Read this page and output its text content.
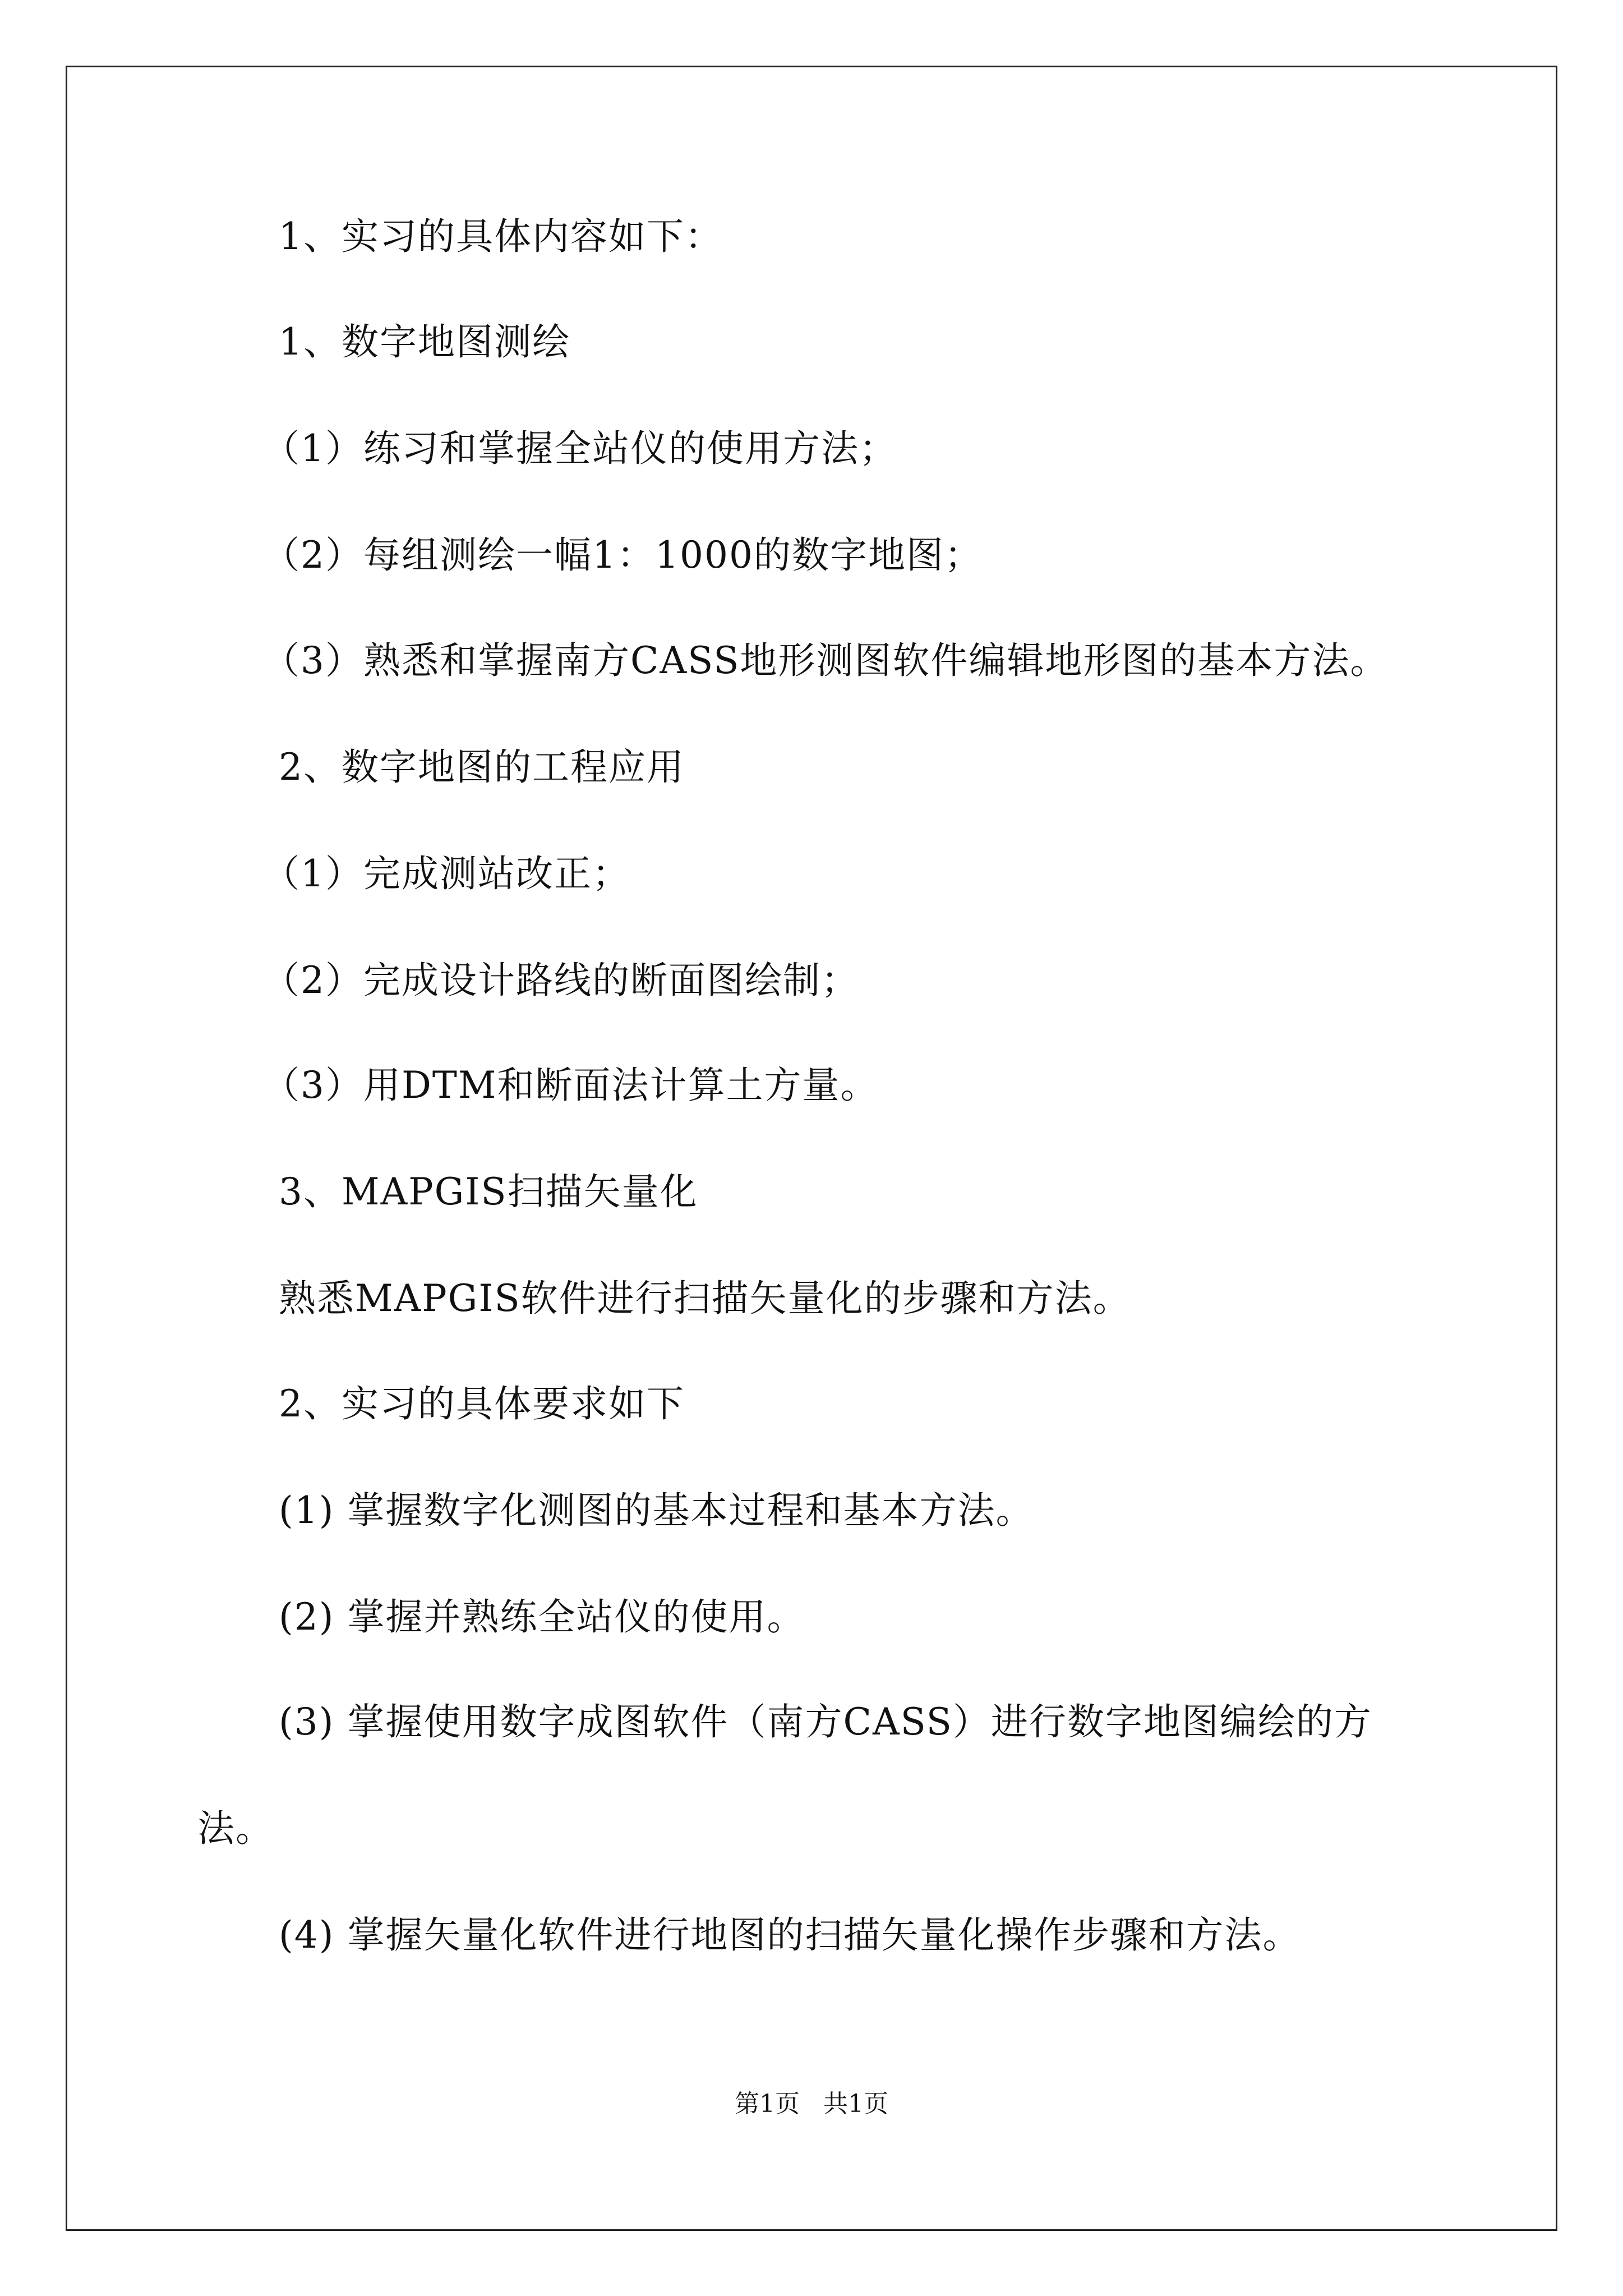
1、实习的具体内容如下：
1、数字地图测绘
（1）练习和掌握全站仪的使用方法；
（2）每组测绘一幅1：1000的数字地图；
（3）熟悉和掌握南方CASS地形测图软件编辑地形图的基本方法。
2、数字地图的工程应用
（1）完成测站改正；
（2）完成设计路线的断面图绘制；
（3）用DTM和断面法计算土方量。
3、MAPGIS扫描矢量化
熟悉MAPGIS软件进行扫描矢量化的步骤和方法。
2、实习的具体要求如下
(1) 掌握数字化测图的基本过程和基本方法。
(2) 掌握并熟练全站仪的使用。
(3) 掌握使用数字成图软件（南方CASS）进行数字地图编绘的方
法。
(4) 掌握矢量化软件进行地图的扫描矢量化操作步骤和方法。
第1页   共1页
